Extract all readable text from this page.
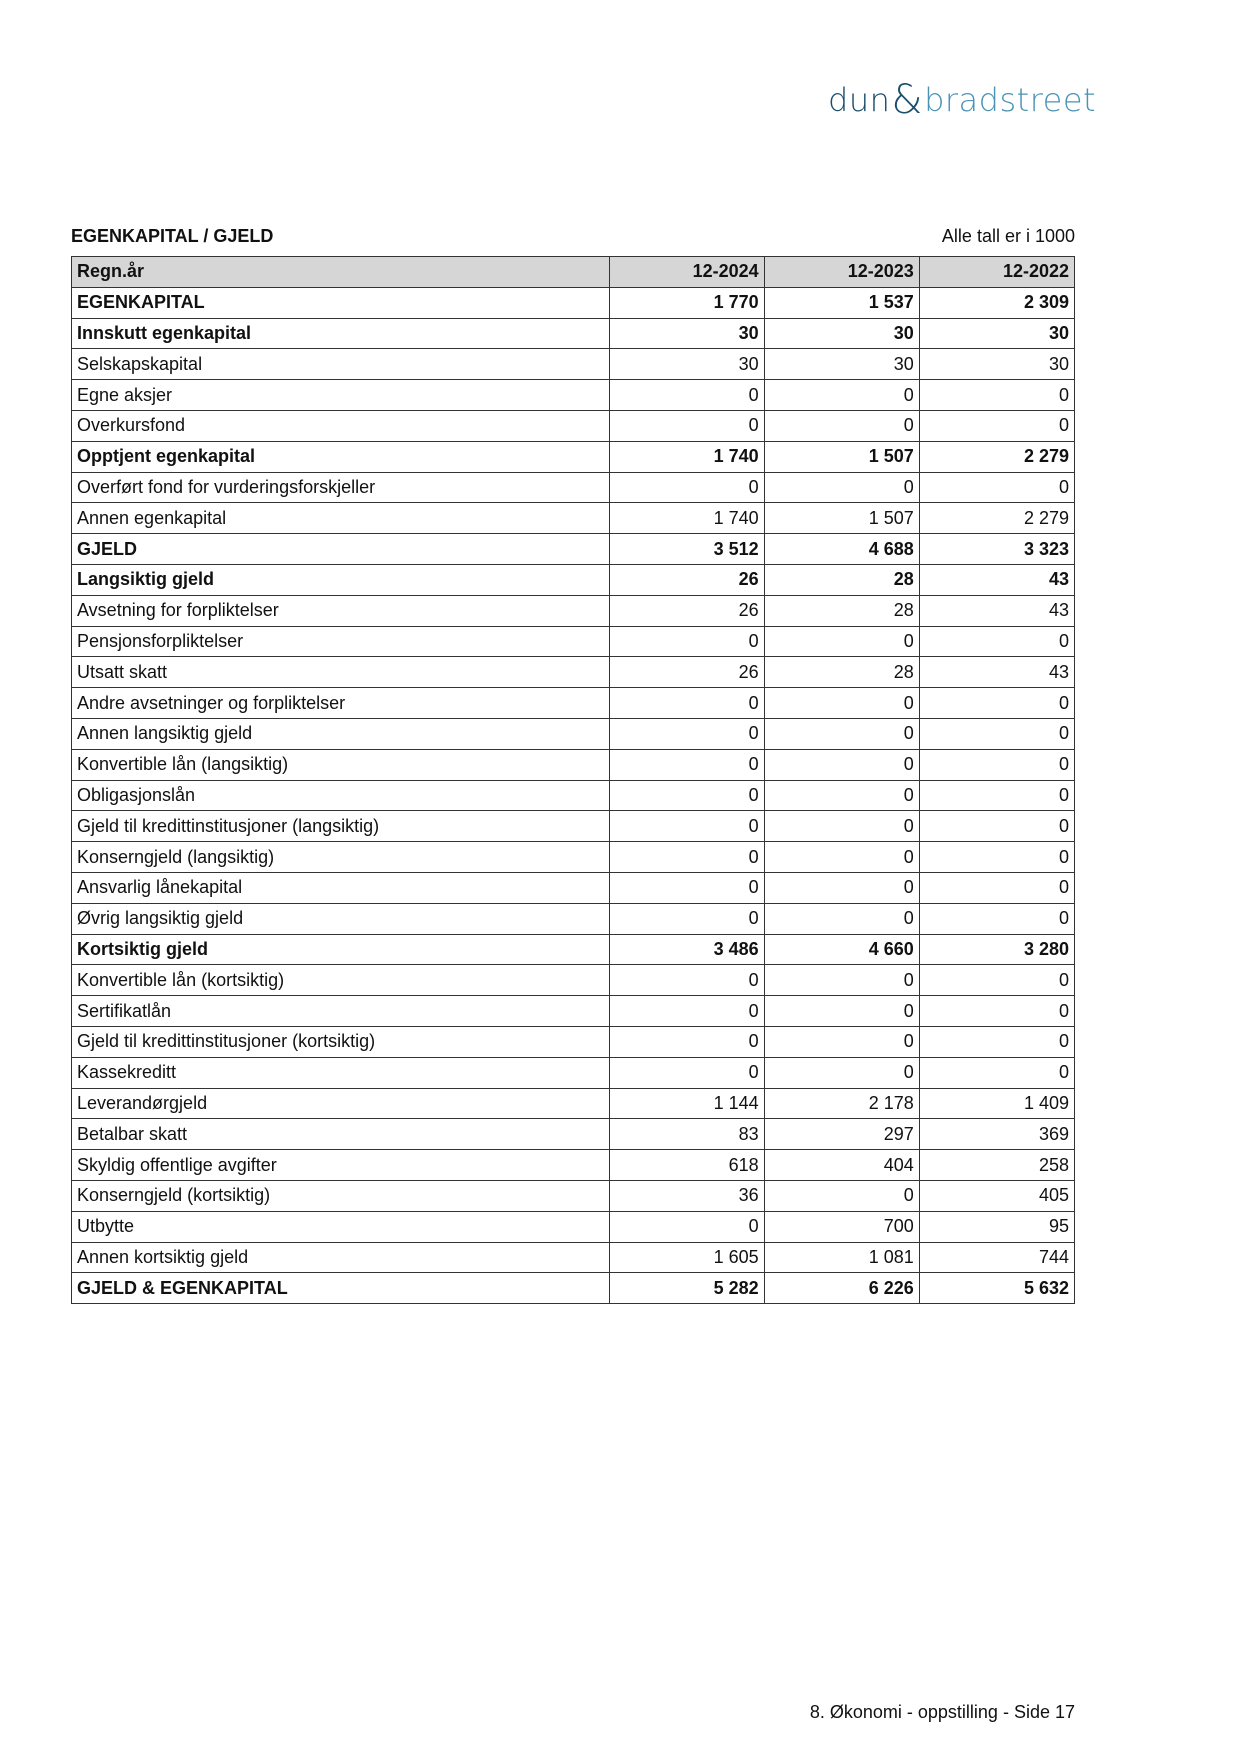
dun & bradstreet
EGENKAPITAL / GJELD	Alle tall er i 1000
Regn.år	12-2024	12-2023	12-2022
EGENKAPITAL	1 770	1 537	2 309
Innskutt egenkapital	30	30	30
Selskapskapital	30	30	30
Egne aksjer	0	0	0
Overkursfond	0	0	0
Opptjent egenkapital	1 740	1 507	2 279
Overført fond for vurderingsforskjeller	0	0	0
Annen egenkapital	1 740	1 507	2 279
GJELD	3 512	4 688	3 323
Langsiktig gjeld	26	28	43
Avsetning for forpliktelser	26	28	43
Pensjonsforpliktelser	0	0	0
Utsatt skatt	26	28	43
Andre avsetninger og forpliktelser	0	0	0
Annen langsiktig gjeld	0	0	0
Konvertible lån (langsiktig)	0	0	0
Obligasjonslån	0	0	0
Gjeld til kredittinstitusjoner (langsiktig)	0	0	0
Konserngjeld (langsiktig)	0	0	0
Ansvarlig lånekapital	0	0	0
Øvrig langsiktig gjeld	0	0	0
Kortsiktig gjeld	3 486	4 660	3 280
Konvertible lån (kortsiktig)	0	0	0
Sertifikatlån	0	0	0
Gjeld til kredittinstitusjoner (kortsiktig)	0	0	0
Kassekreditt	0	0	0
Leverandørgjeld	1 144	2 178	1 409
Betalbar skatt	83	297	369
Skyldig offentlige avgifter	618	404	258
Konserngjeld (kortsiktig)	36	0	405
Utbytte	0	700	95
Annen kortsiktig gjeld	1 605	1 081	744
GJELD & EGENKAPITAL	5 282	6 226	5 632
8. Økonomi - oppstilling - Side 17
